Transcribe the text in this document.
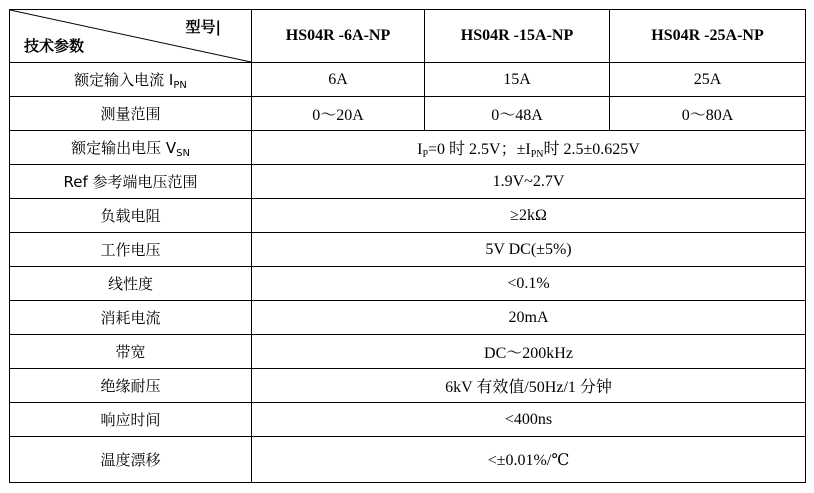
型号|
技术参数	HS04R -6A-NP	HS04R -15A-NP	HS04R -25A-NP
额定输入电流 $I_{PN}$	6A	15A	25A
测量范围	0～20A	0～48A	0～80A
额定输出电压 $V_{SN}$	$I_P=0$ 时 2.5V；$\pm I_{PN}$时 2.5±0.625V		
Ref 参考端电压范围	1.9V~2.7V		
负载电阻	≥2kΩ		
工作电压	5V DC(±5%)		
线性度	<0.1%		
消耗电流	20mA		
带宽	DC～200kHz		
绝缘耐压	6kV 有效值/50Hz/1 分钟		
响应时间	<400ns		
温度漂移	<±0.01%/℃		
